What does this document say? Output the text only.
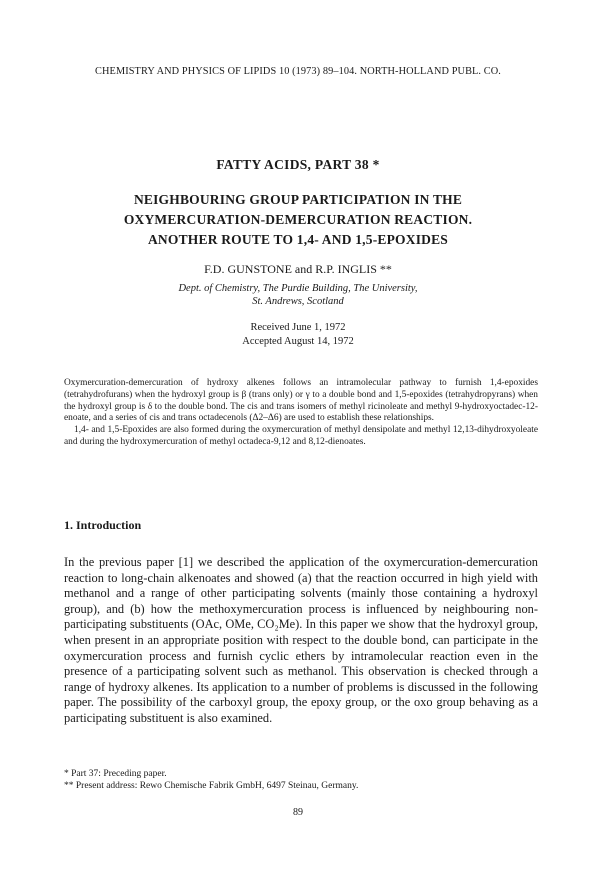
CHEMISTRY AND PHYSICS OF LIPIDS 10 (1973) 89–104. NORTH-HOLLAND PUBL. CO.
FATTY ACIDS, PART 38 *
NEIGHBOURING GROUP PARTICIPATION IN THE
OXYMERCURATION-DEMERCURATION REACTION.
ANOTHER ROUTE TO 1,4- AND 1,5-EPOXIDES
F.D. GUNSTONE and R.P. INGLIS **
Dept. of Chemistry, The Purdie Building, The University,
St. Andrews, Scotland
Received June 1, 1972
Accepted August 14, 1972

Oxymercuration-demercuration of hydroxy alkenes follows an intramolecular pathway to furnish 1,4-epoxides (tetrahydrofurans) when the hydroxyl group is β (trans only) or γ to a double bond and 1,5-epoxides (tetrahydropyrans) when the hydroxyl group is δ to the double bond. The cis and trans isomers of methyl ricinoleate and methyl 9-hydroxyoctadec-12-enoate, and a series of cis and trans octadecenols (Δ2–Δ6) are used to establish these relationships.

1,4- and 1,5-Epoxides are also formed during the oxymercuration of methyl densipolate and methyl 12,13-dihydroxyoleate and during the hydroxymercuration of methyl octadeca-9,12 and 8,12-dienoates.

1. Introduction

In the previous paper [1] we described the application of the oxymercuration-demercuration reaction to long-chain alkenoates and showed (a) that the reaction occurred in high yield with methanol and a range of other participating solvents (mainly those containing a hydroxyl group), and (b) how the methoxymercuration process is influenced by neighbouring non-participating substituents (OAc, OMe, CO₂Me). In this paper we show that the hydroxyl group, when present in an appropriate position with respect to the double bond, can participate in the oxymercuration process and furnish cyclic ethers by intramolecular reaction even in the presence of a participating solvent such as methanol. This observation is checked through a range of hydroxy alkenes. Its application to a number of problems is discussed in the following paper. The possibility of the carboxyl group, the epoxy group, or the oxo group behaving as a participating substituent is also examined.

* Part 37: Preceding paper.
** Present address: Rewo Chemische Fabrik GmbH, 6497 Steinau, Germany.
89
